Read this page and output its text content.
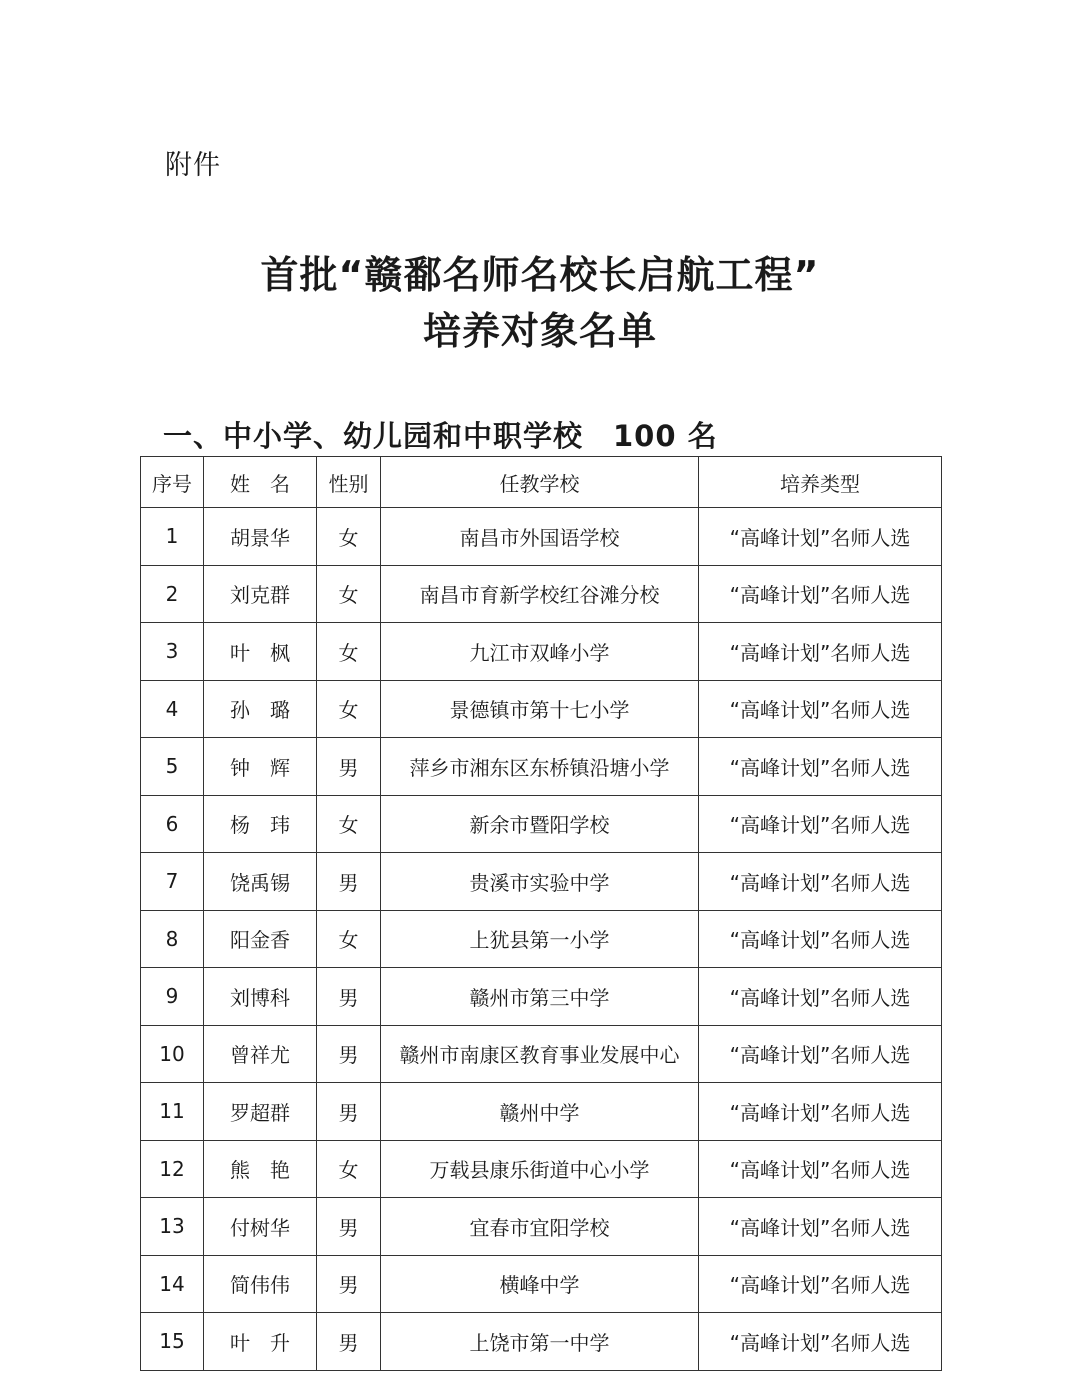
附件
首批“赣鄱名师名校长启航工程”
培养对象名单
一、中小学、幼儿园和中职学校　100 名
序号	姓　名	性别	任教学校	培养类型
1	胡景华	女	南昌市外国语学校	“高峰计划”名师人选
2	刘克群	女	南昌市育新学校红谷滩分校	“高峰计划”名师人选
3	叶　枫	女	九江市双峰小学	“高峰计划”名师人选
4	孙　璐	女	景德镇市第十七小学	“高峰计划”名师人选
5	钟　辉	男	萍乡市湘东区东桥镇沿塘小学	“高峰计划”名师人选
6	杨　玮	女	新余市暨阳学校	“高峰计划”名师人选
7	饶禹锡	男	贵溪市实验中学	“高峰计划”名师人选
8	阳金香	女	上犹县第一小学	“高峰计划”名师人选
9	刘博科	男	赣州市第三中学	“高峰计划”名师人选
10	曾祥尤	男	赣州市南康区教育事业发展中心	“高峰计划”名师人选
11	罗超群	男	赣州中学	“高峰计划”名师人选
12	熊　艳	女	万载县康乐街道中心小学	“高峰计划”名师人选
13	付树华	男	宜春市宜阳学校	“高峰计划”名师人选
14	简伟伟	男	横峰中学	“高峰计划”名师人选
15	叶　升	男	上饶市第一中学	“高峰计划”名师人选
